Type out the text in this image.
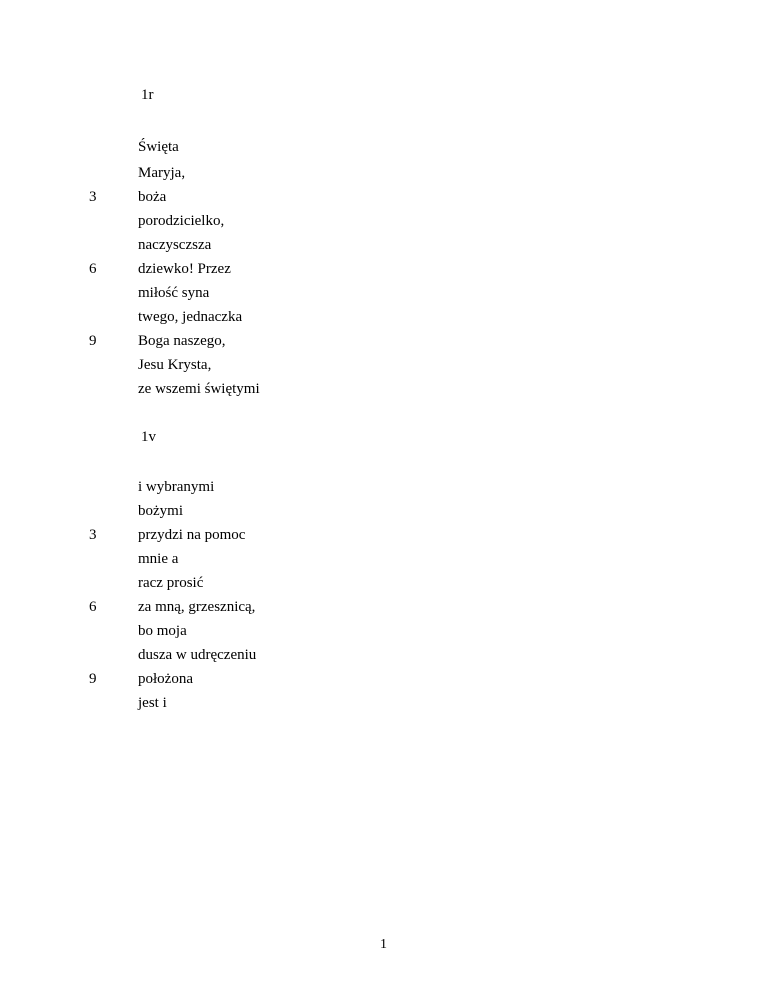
1r

Święta

Maryja,

3	boża

porodzicielko,

naczysczsza

6	dziewko! Przez

miłość syna

twego, jednaczka

9	Boga naszego,

Jesu Krysta,

ze wszemi świętymi

1v

i wybranymi

bożymi

3	przydzi na pomoc

mnie a

racz prosić

6	za mną, grzesznicą,

bo moja

dusza w udręczeniu

9	położona

jest i

1
